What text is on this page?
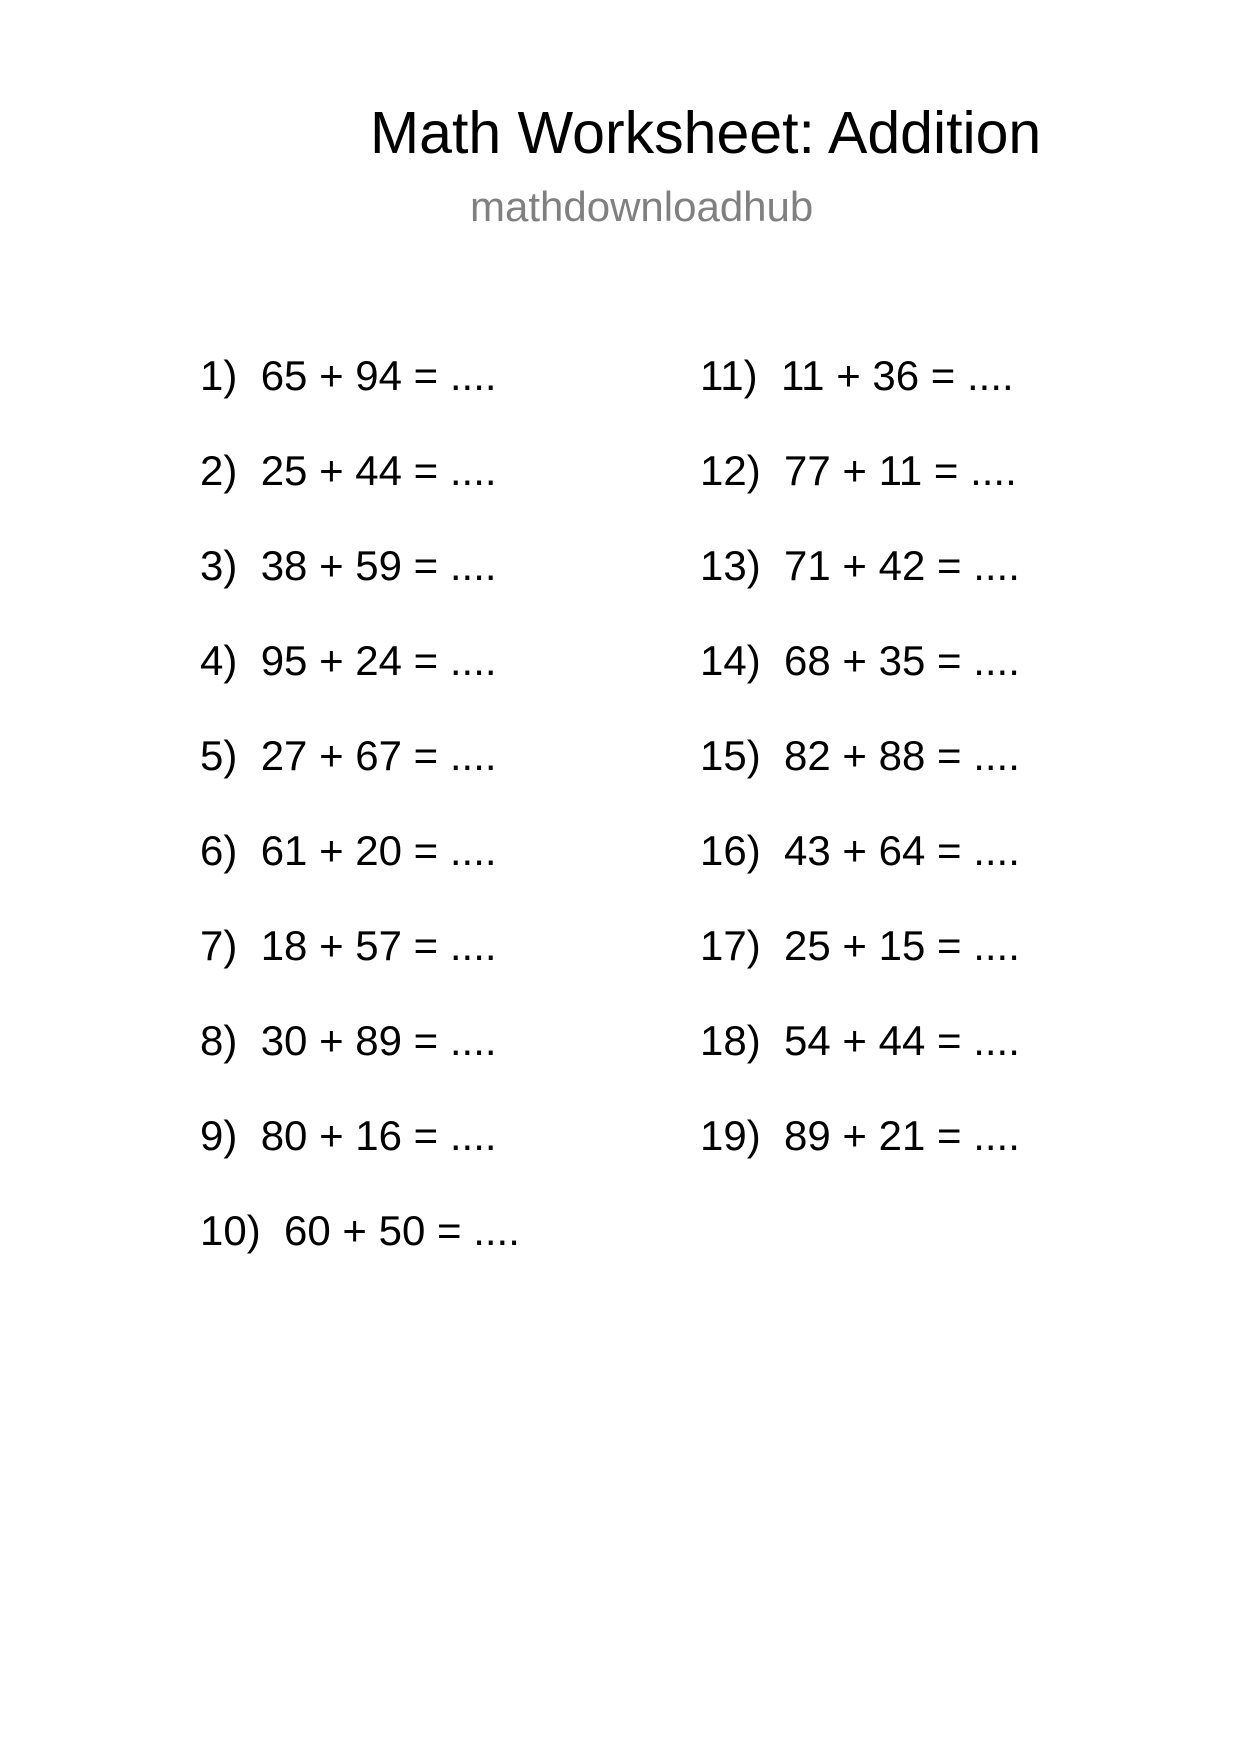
Math Worksheet: Addition
mathdownloadhub
1) 65 + 94 = ....
2) 25 + 44 = ....
3) 38 + 59 = ....
4) 95 + 24 = ....
5) 27 + 67 = ....
6) 61 + 20 = ....
7) 18 + 57 = ....
8) 30 + 89 = ....
9) 80 + 16 = ....
10) 60 + 50 = ....
11) 11 + 36 = ....
12) 77 + 11 = ....
13) 71 + 42 = ....
14) 68 + 35 = ....
15) 82 + 88 = ....
16) 43 + 64 = ....
17) 25 + 15 = ....
18) 54 + 44 = ....
19) 89 + 21 = ....
